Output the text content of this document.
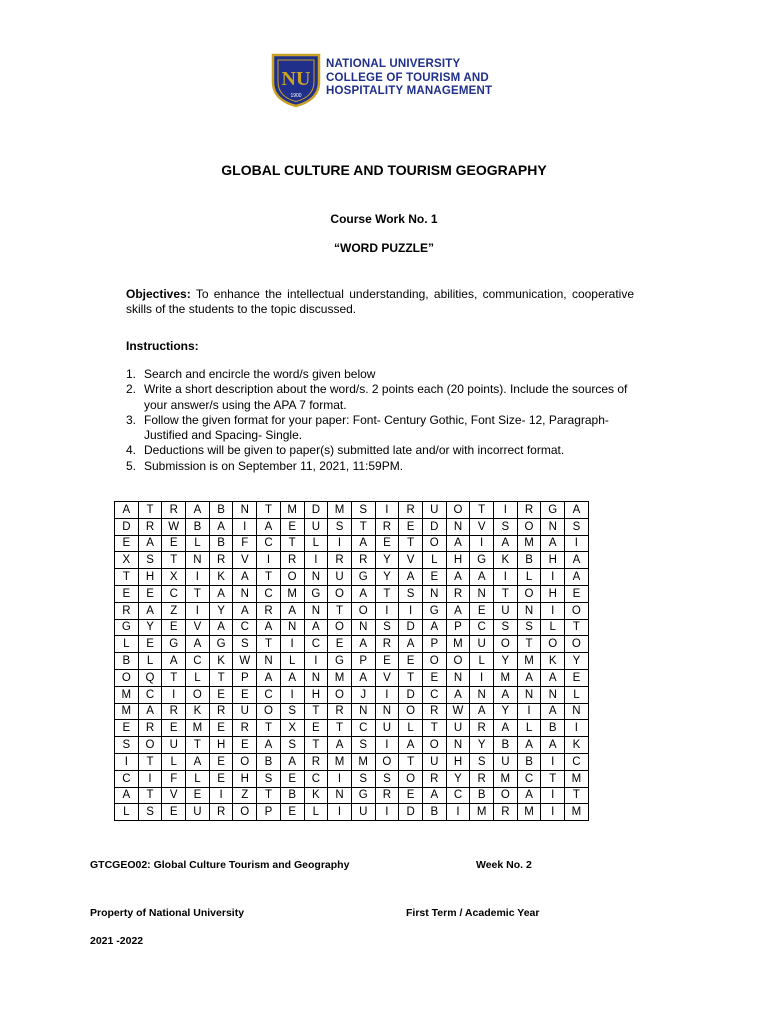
NU
1900
NATIONAL UNIVERSITY
COLLEGE OF TOURISM AND
HOSPITALITY MANAGEMENT
GLOBAL CULTURE AND TOURISM GEOGRAPHY
Course Work No. 1
“WORD PUZZLE”
Objectives: To enhance the intellectual understanding, abilities, communication, cooperative skills of the students to the topic discussed.
Instructions:
1. Search and encircle the word/s given below
2. Write a short description about the word/s. 2 points each (20 points). Include the sources of your answer/s using the APA 7 format.
3. Follow the given format for your paper: Font- Century Gothic, Font Size- 12, Paragraph- Justified and Spacing- Single.
4. Deductions will be given to paper(s) submitted late and/or with incorrect format.
5. Submission is on September 11, 2021, 11:59PM.
A	T	R	A	B	N	T	M	D	M	S	I	R	U	O	T	I	R	G	A
D	R	W	B	A	I	A	E	U	S	T	R	E	D	N	V	S	O	N	S
E	A	E	L	B	F	C	T	L	I	A	E	T	O	A	I	A	M	A	I
X	S	T	N	R	V	I	R	I	R	R	Y	V	L	H	G	K	B	H	A
T	H	X	I	K	A	T	O	N	U	G	Y	A	E	A	A	I	L	I	A
E	E	C	T	A	N	C	M	G	O	A	T	S	N	R	N	T	O	H	E
R	A	Z	I	Y	A	R	A	N	T	O	I	I	G	A	E	U	N	I	O
G	Y	E	V	A	C	A	N	A	O	N	S	D	A	P	C	S	S	L	T
L	E	G	A	G	S	T	I	C	E	A	R	A	P	M	U	O	T	O	O
B	L	A	C	K	W	N	L	I	G	P	E	E	O	O	L	Y	M	K	Y
O	Q	T	L	T	P	A	A	N	M	A	V	T	E	N	I	M	A	A	E
M	C	I	O	E	E	C	I	H	O	J	I	D	C	A	N	A	N	N	L
M	A	R	K	R	U	O	S	T	R	N	N	O	R	W	A	Y	I	A	N
E	R	E	M	E	R	T	X	E	T	C	U	L	T	U	R	A	L	B	I
S	O	U	T	H	E	A	S	T	A	S	I	A	O	N	Y	B	A	A	K
I	T	L	A	E	O	B	A	R	M	M	O	T	U	H	S	U	B	I	C
C	I	F	L	E	H	S	E	C	I	S	S	O	R	Y	R	M	C	T	M
A	T	V	E	I	Z	T	B	K	N	G	R	E	A	C	B	O	A	I	T
L	S	E	U	R	O	P	E	L	I	U	I	D	B	I	M	R	M	I	M
GTCGEO02: Global Culture Tourism and Geography	Week No. 2
Property of National University	First Term / Academic Year
2021 -2022
